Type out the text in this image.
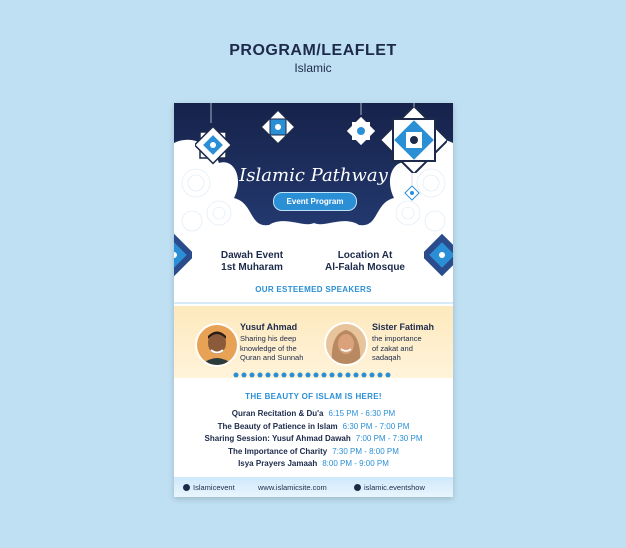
PROGRAM/LEAFLET
Islamic
Islamic Pathway
Event Program
Dawah Event
1st Muharam
Location At
Al-Falah Mosque
OUR ESTEEMED SPEAKERS
Yusuf Ahmad
Sharing his deep
knowledge of the
Quran and Sunnah
Sister Fatimah
the importance
of zakat and
sadaqah
THE BEAUTY OF ISLAM IS HERE!
Quran Recitation & Du'a 6:15 PM - 6:30 PM
The Beauty of Patience in Islam 6:30 PM - 7:00 PM
Sharing Session: Yusuf Ahmad Dawah 7:00 PM - 7:30 PM
The Importance of Charity 7:30 PM - 8:00 PM
Isya Prayers Jamaah 8:00 PM - 9:00 PM
Islamicevent	www.islamicsite.com	islamic.eventshow
